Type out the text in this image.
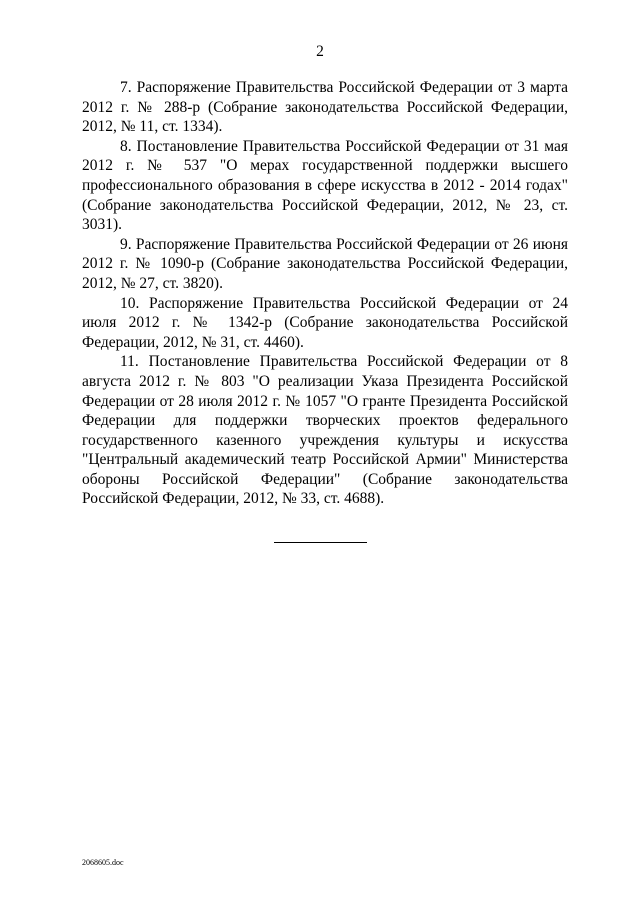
2

7. Распоряжение Правительства Российской Федерации от 3 марта 2012 г. № 288-р (Собрание законодательства Российской Федерации, 2012, № 11, ст. 1334).

8. Постановление Правительства Российской Федерации от 31 мая 2012 г. № 537 "О мерах государственной поддержки высшего профессионального образования в сфере искусства в 2012 - 2014 годах" (Собрание законодательства Российской Федерации, 2012, № 23, ст. 3031).

9. Распоряжение Правительства Российской Федерации от 26 июня 2012 г. № 1090-р (Собрание законодательства Российской Федерации, 2012, № 27, ст. 3820).

10. Распоряжение Правительства Российской Федерации от 24 июля 2012 г. № 1342-р (Собрание законодательства Российской Федерации, 2012, № 31, ст. 4460).

11. Постановление Правительства Российской Федерации от 8 августа 2012 г. № 803 "О реализации Указа Президента Российской Федерации от 28 июля 2012 г. № 1057 "О гранте Президента Российской Федерации для поддержки творческих проектов федерального государственного казенного учреждения культуры и искусства "Центральный академический театр Российской Армии" Министерства обороны Российской Федерации" (Собрание законодательства Российской Федерации, 2012, № 33, ст. 4688).

2068605.doc
